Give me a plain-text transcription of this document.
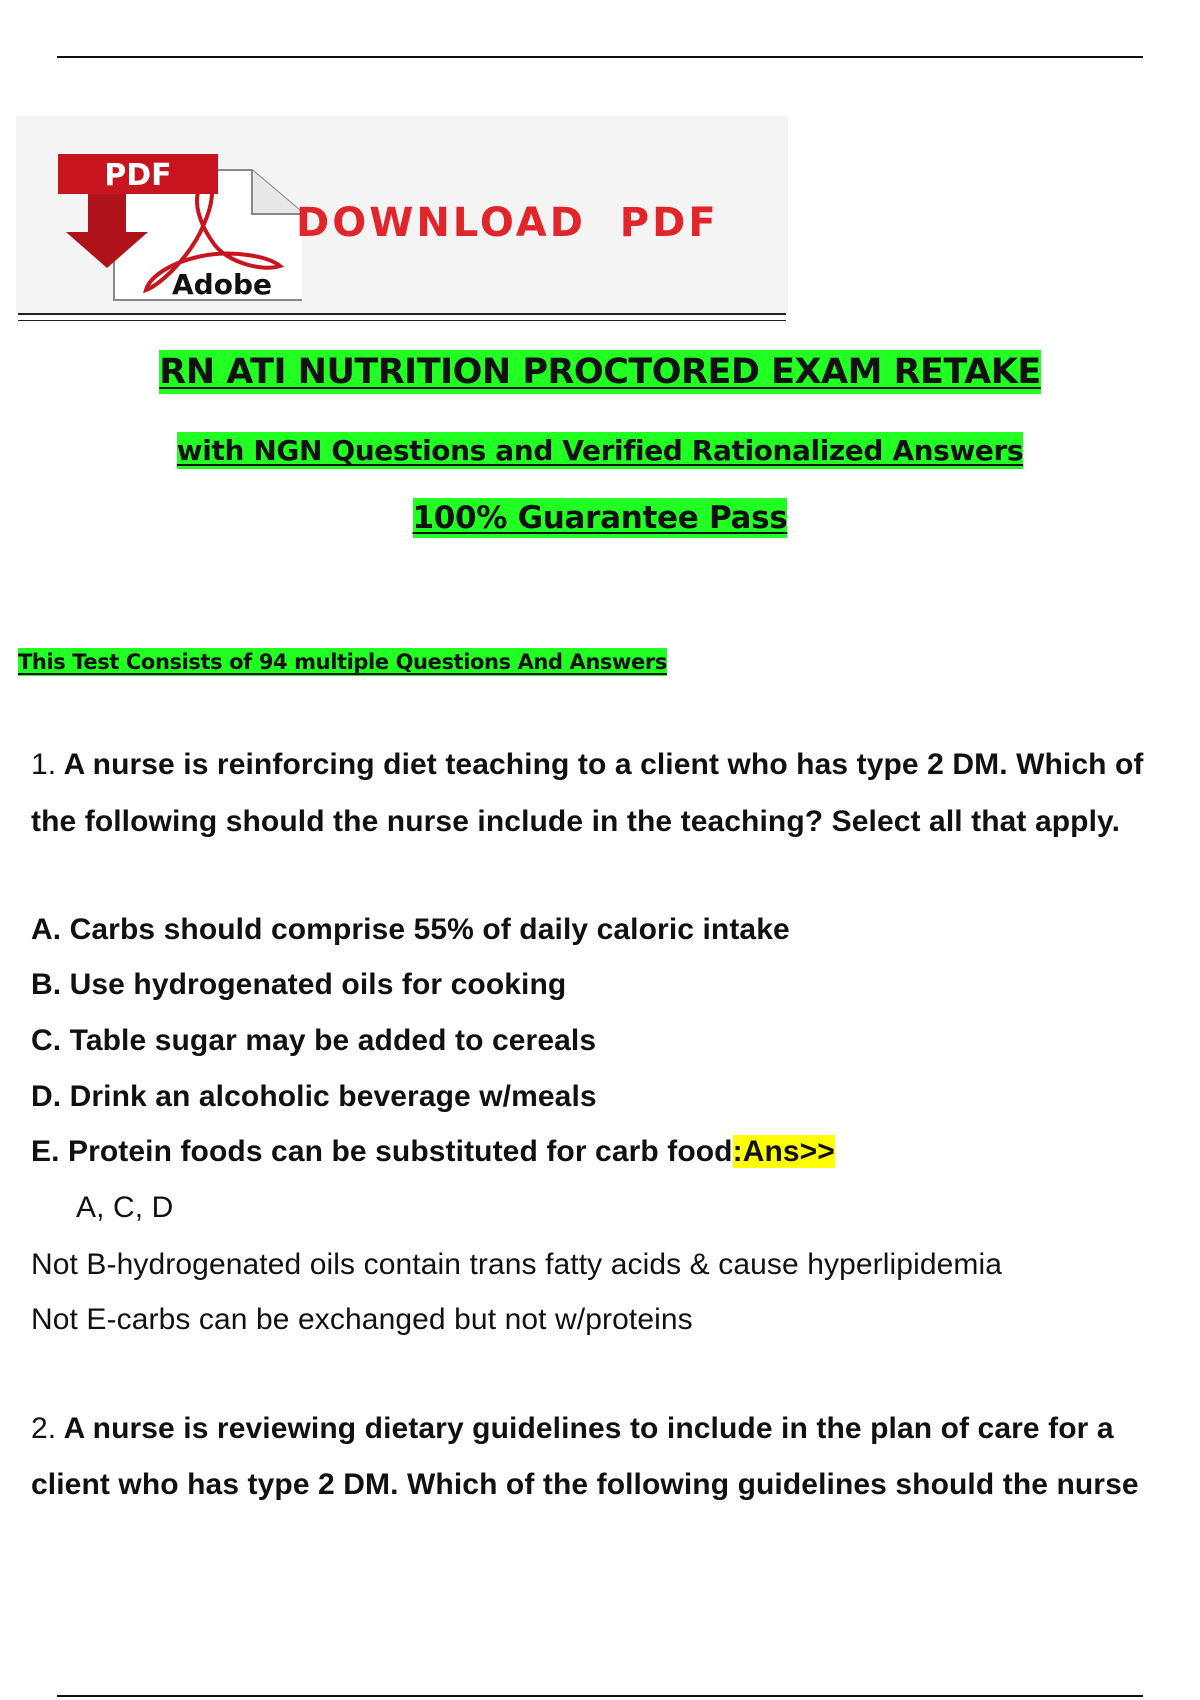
PDF
Adobe
DOWNLOAD  PDF
RN ATI NUTRITION PROCTORED EXAM RETAKE
with NGN Questions and Verified Rationalized Answers
100% Guarantee Pass
This Test Consists of 94 multiple Questions And Answers
1. A nurse is reinforcing diet teaching to a client who has type 2 DM. Which of
the following should the nurse include in the teaching? Select all that apply.
A. Carbs should comprise 55% of daily caloric intake
B. Use hydrogenated oils for cooking
C. Table sugar may be added to cereals
D. Drink an alcoholic beverage w/meals
E. Protein foods can be substituted for carb food:Ans>>
A, C, D
Not B-hydrogenated oils contain trans fatty acids & cause hyperlipidemia
Not E-carbs can be exchanged but not w/proteins
2. A nurse is reviewing dietary guidelines to include in the plan of care for a
client who has type 2 DM. Which of the following guidelines should the nurse
